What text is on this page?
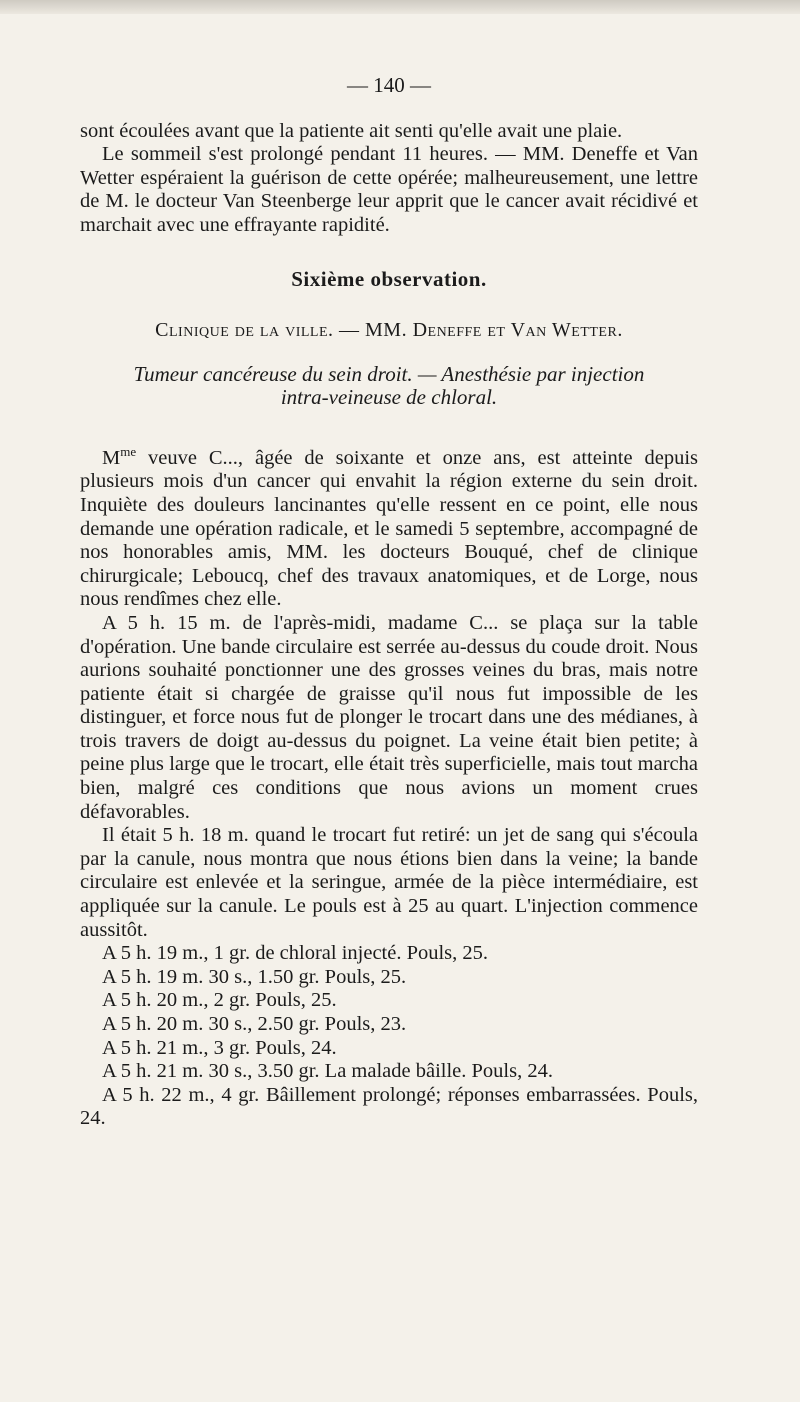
— 140 —

sont écoulées avant que la patiente ait senti qu'elle avait une plaie.

Le sommeil s'est prolongé pendant 11 heures. — MM. Deneffe et Van Wetter espéraient la guérison de cette opérée; malheureusement, une lettre de M. le docteur Van Steenberge leur apprit que le cancer avait récidivé et marchait avec une effrayante rapidité.

Sixième observation.
Clinique de la ville. — MM. Deneffe et Van Wetter.
Tumeur cancéreuse du sein droit. — Anesthésie par injection
intra-veineuse de chloral.

$M^{me}$ veuve C..., âgée de soixante et onze ans, est atteinte depuis plusieurs mois d'un cancer qui envahit la région externe du sein droit. Inquiète des douleurs lancinantes qu'elle ressent en ce point, elle nous demande une opération radicale, et le samedi 5 septembre, accompagné de nos honorables amis, MM. les docteurs Bouqué, chef de clinique chirurgicale; Leboucq, chef des travaux anatomiques, et de Lorge, nous nous rendîmes chez elle.

A 5 h. 15 m. de l'après-midi, madame C... se plaça sur la table d'opération. Une bande circulaire est serrée au-dessus du coude droit. Nous aurions souhaité ponctionner une des grosses veines du bras, mais notre patiente était si chargée de graisse qu'il nous fut impossible de les distinguer, et force nous fut de plonger le trocart dans une des médianes, à trois travers de doigt au-dessus du poignet. La veine était bien petite; à peine plus large que le trocart, elle était très superficielle, mais tout marcha bien, malgré ces conditions que nous avions un moment crues défavorables.

Il était 5 h. 18 m. quand le trocart fut retiré: un jet de sang qui s'écoula par la canule, nous montra que nous étions bien dans la veine; la bande circulaire est enlevée et la seringue, armée de la pièce intermédiaire, est appliquée sur la canule. Le pouls est à 25 au quart. L'injection commence aussitôt.

A 5 h. 19 m., 1 gr. de chloral injecté. Pouls, 25.

A 5 h. 19 m. 30 s., 1.50 gr. Pouls, 25.

A 5 h. 20 m., 2 gr. Pouls, 25.

A 5 h. 20 m. 30 s., 2.50 gr. Pouls, 23.

A 5 h. 21 m., 3 gr. Pouls, 24.

A 5 h. 21 m. 30 s., 3.50 gr. La malade bâille. Pouls, 24.

A 5 h. 22 m., 4 gr. Bâillement prolongé; réponses embarrassées. Pouls, 24.
